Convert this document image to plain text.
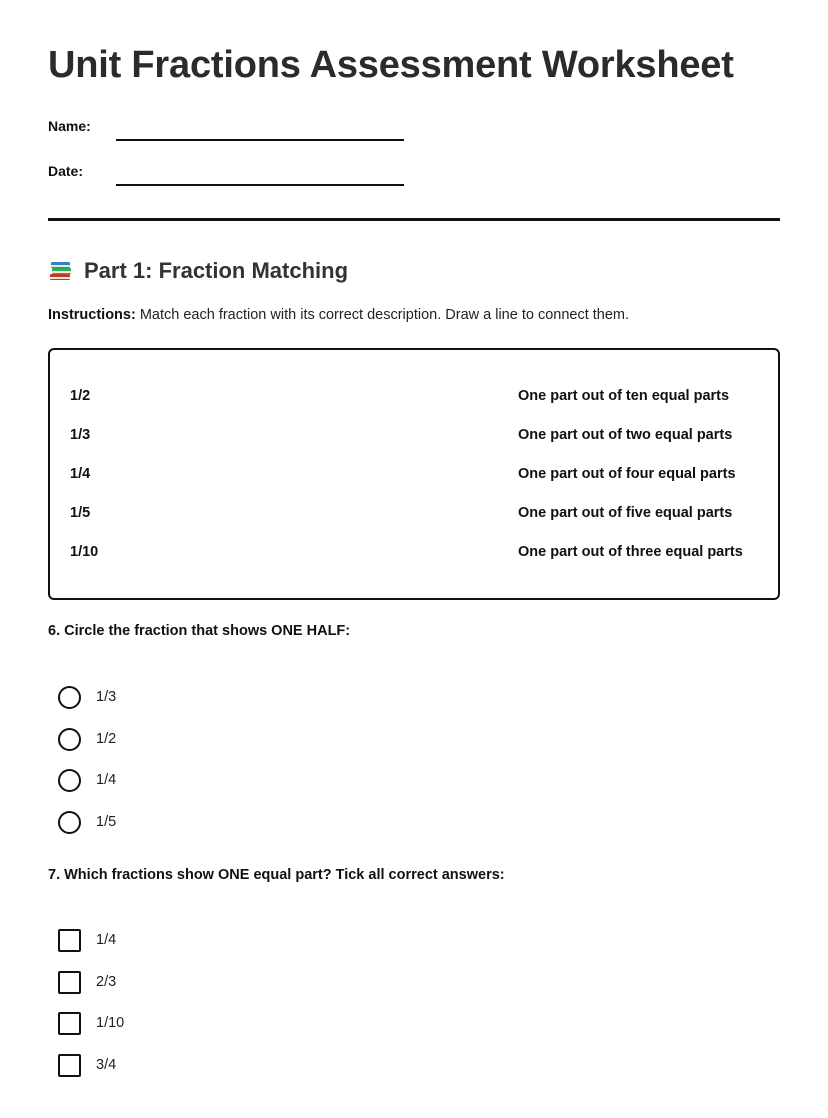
Unit Fractions Assessment Worksheet
Name:
Date:
Part 1: Fraction Matching
Instructions: Match each fraction with its correct description. Draw a line to connect them.
1/2
1/3
1/4
1/5
1/10
One part out of ten equal parts
One part out of two equal parts
One part out of four equal parts
One part out of five equal parts
One part out of three equal parts
6. Circle the fraction that shows ONE HALF:
1/3
1/2
1/4
1/5
7. Which fractions show ONE equal part? Tick all correct answers:
1/4
2/3
1/10
3/4
